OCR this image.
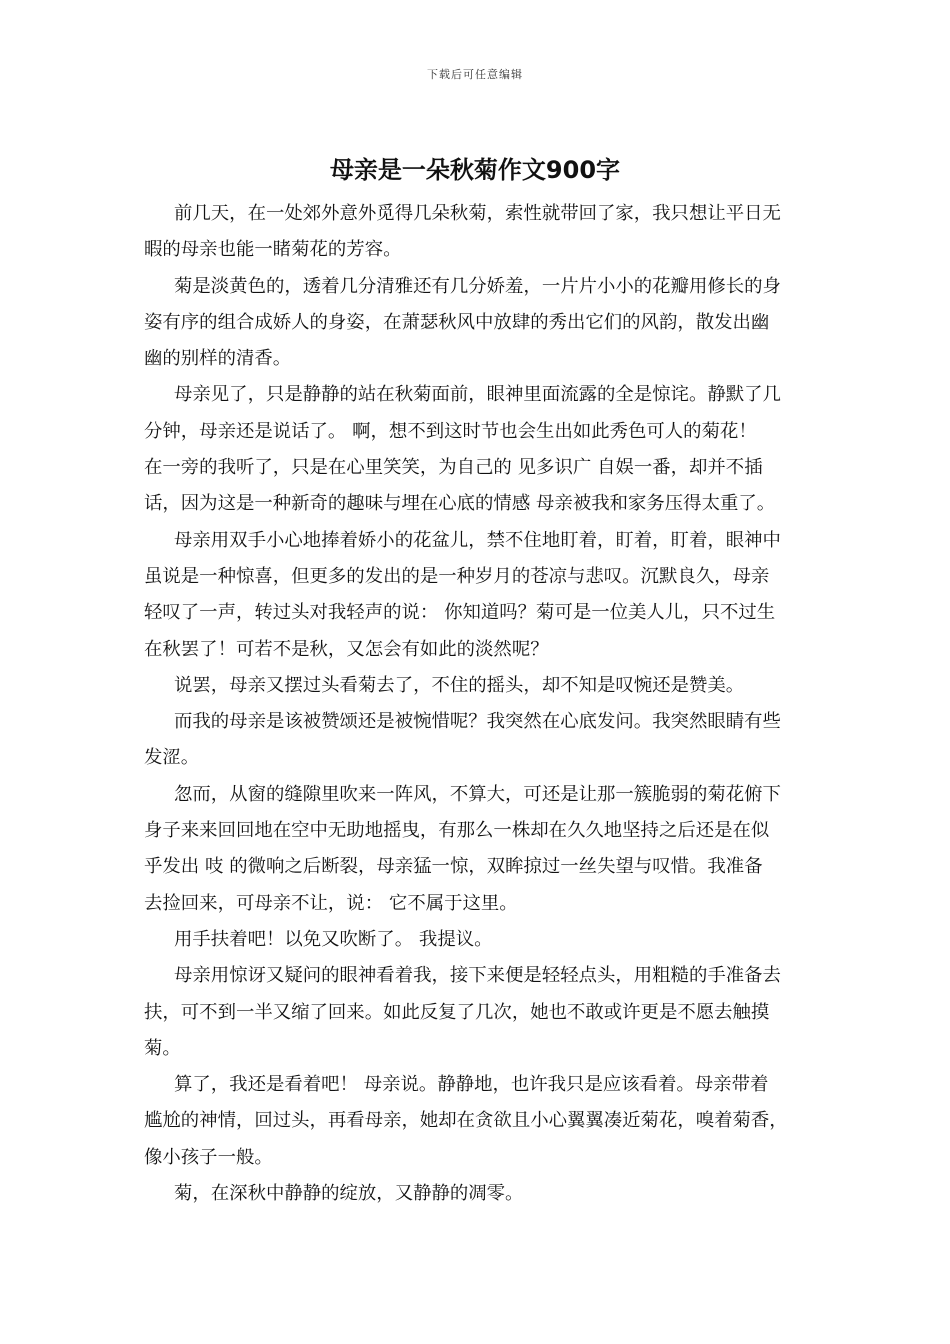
下载后可任意编辑
母亲是一朵秋菊作文900字
前几天，在一处郊外意外觅得几朵秋菊，索性就带回了家，我只想让平日无
暇的母亲也能一睹菊花的芳容。
菊是淡黄色的，透着几分清雅还有几分娇羞，一片片小小的花瓣用修长的身
姿有序的组合成娇人的身姿，在萧瑟秋风中放肆的秀出它们的风韵，散发出幽
幽的别样的清香。
母亲见了，只是静静的站在秋菊面前，眼神里面流露的全是惊诧。静默了几
分钟，母亲还是说话了。 啊，想不到这时节也会生出如此秀色可人的菊花！
在一旁的我听了，只是在心里笑笑，为自己的 见多识广 自娱一番，却并不插
话，因为这是一种新奇的趣味与埋在心底的情感 母亲被我和家务压得太重了。
母亲用双手小心地捧着娇小的花盆儿，禁不住地盯着，盯着，盯着，眼神中
虽说是一种惊喜，但更多的发出的是一种岁月的苍凉与悲叹。沉默良久，母亲
轻叹了一声，转过头对我轻声的说： 你知道吗？菊可是一位美人儿，只不过生
在秋罢了！可若不是秋，又怎会有如此的淡然呢？
说罢，母亲又摆过头看菊去了，不住的摇头，却不知是叹惋还是赞美。
而我的母亲是该被赞颂还是被惋惜呢？我突然在心底发问。我突然眼睛有些
发涩。
忽而，从窗的缝隙里吹来一阵风，不算大，可还是让那一簇脆弱的菊花俯下
身子来来回回地在空中无助地摇曳，有那么一株却在久久地坚持之后还是在似
乎发出 吱 的微响之后断裂，母亲猛一惊，双眸掠过一丝失望与叹惜。我准备
去捡回来，可母亲不让，说： 它不属于这里。
用手扶着吧！以免又吹断了。 我提议。
母亲用惊讶又疑问的眼神看着我，接下来便是轻轻点头，用粗糙的手准备去
扶，可不到一半又缩了回来。如此反复了几次，她也不敢或许更是不愿去触摸
菊。
算了，我还是看着吧！ 母亲说。静静地，也许我只是应该看着。母亲带着
尴尬的神情，回过头，再看母亲，她却在贪欲且小心翼翼凑近菊花，嗅着菊香，
像小孩子一般。
菊，在深秋中静静的绽放，又静静的凋零。
